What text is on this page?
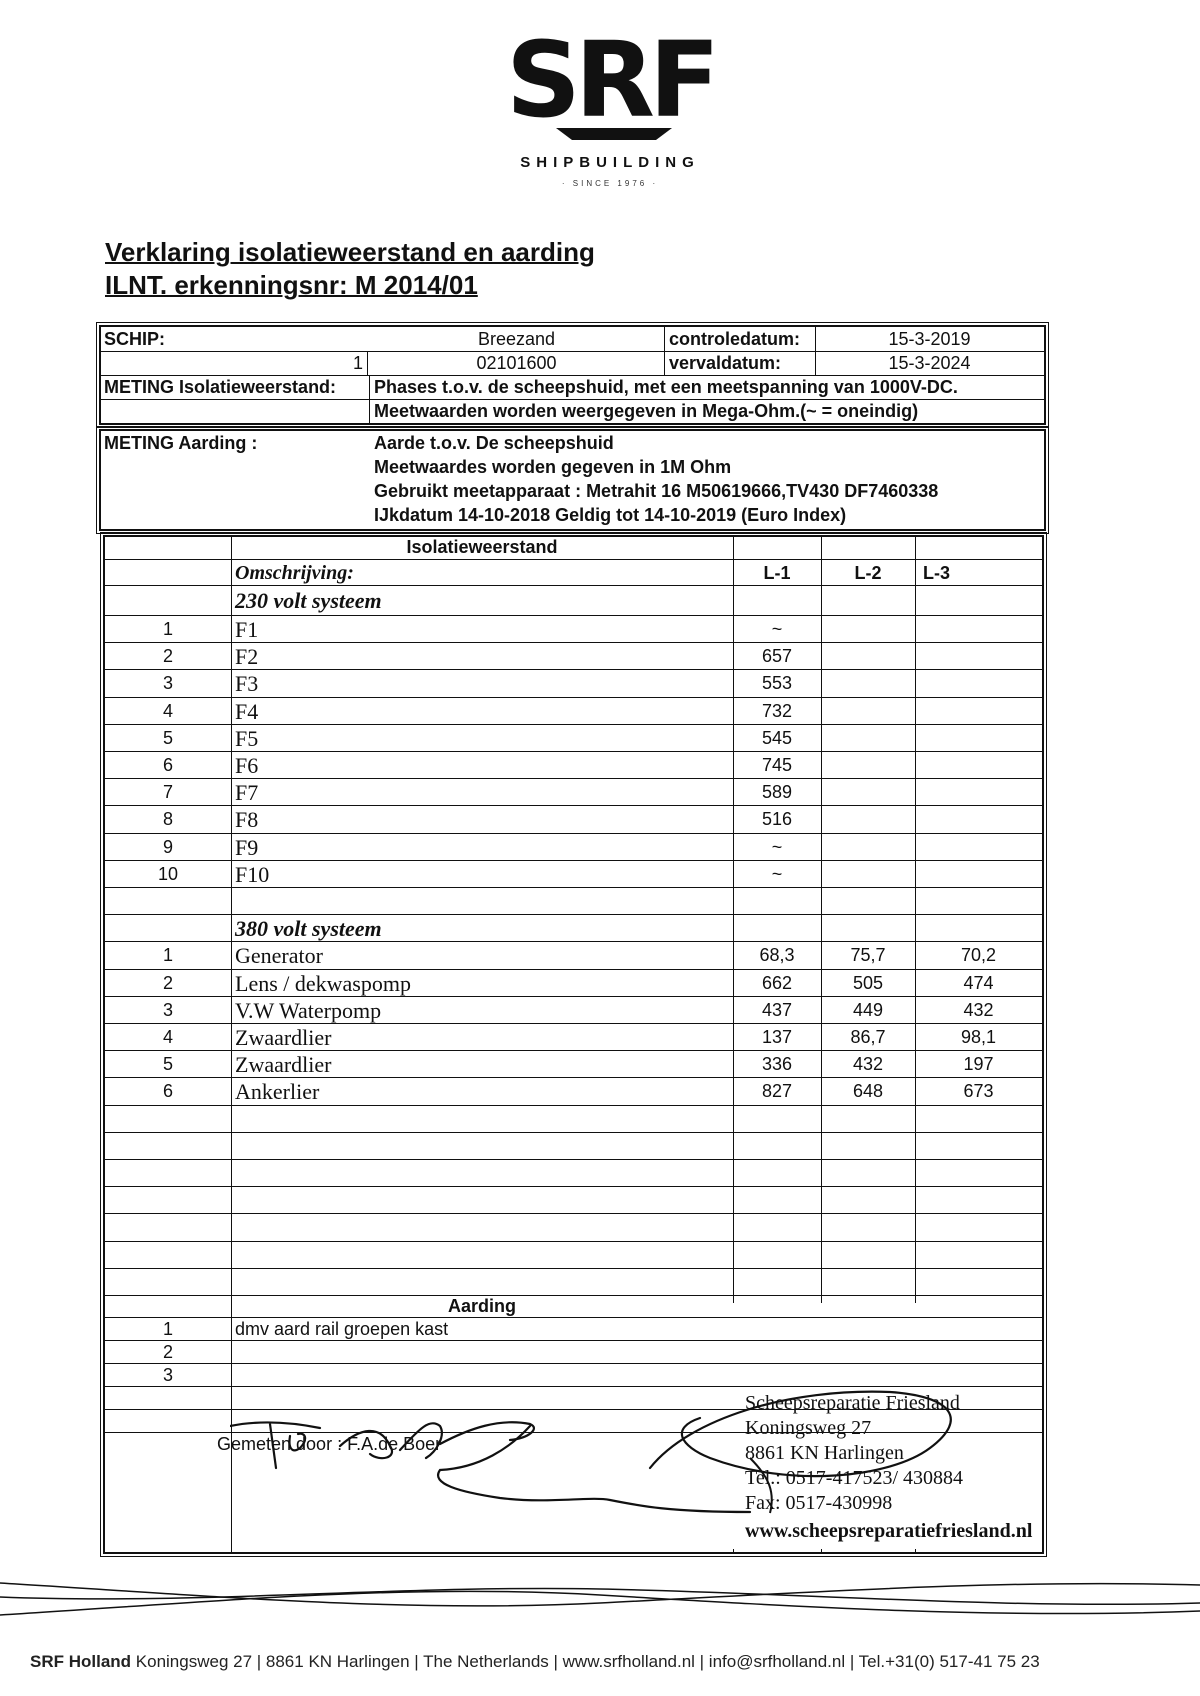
SRF
SHIPBUILDING
· SINCE 1976 ·
Verklaring isolatieweerstand en aarding
ILNT. erkenningsnr: M 2014/01
SCHIP:	Breezand
1	02101600
controledatum:	15-3-2019
vervaldatum:	15-3-2024
METING Isolatieweerstand: Phases t.o.v. de scheepshuid, met een meetspanning van 1000V-DC.
Meetwaarden worden weergegeven in Mega-Ohm.(~ = oneindig)
METING Aarding :	Aarde t.o.v. De scheepshuid
Meetwaardes worden gegeven in 1M Ohm
Gebruikt meetapparaat : Metrahit 16 M50619666,TV430 DF7460338
IJkdatum 14-10-2018 Geldig tot 14-10-2019 (Euro Index)
Isolatieweerstand
Omschrijving:	L-1	L-2	L-3
230 volt systeem
1	F1	~
2	F2	657
3	F3	553
4	F4	732
5	F5	545
6	F6	745
7	F7	589
8	F8	516
9	F9	~
10	F10	~
380 volt systeem
1	Generator	68,3	75,7	70,2
2	Lens / dekwaspomp	662	505	474
3	V.W Waterpomp	437	449	432
4	Zwaardlier	137	86,7	98,1
5	Zwaardlier	336	432	197
6	Ankerlier	827	648	673
Aarding
1	dmv aard rail groepen kast
2
3
Gemeten door : F.A.de Boer
Scheepsreparatie Friesland
Koningsweg 27
8861 KN Harlingen
Tel.: 0517-417523/ 430884
Fax: 0517-430998
www.scheepsreparatiefriesland.nl
SRF Holland Koningsweg 27 | 8861 KN Harlingen | The Netherlands | www.srfholland.nl | info@srfholland.nl | Tel.+31(0) 517-41 75 23
